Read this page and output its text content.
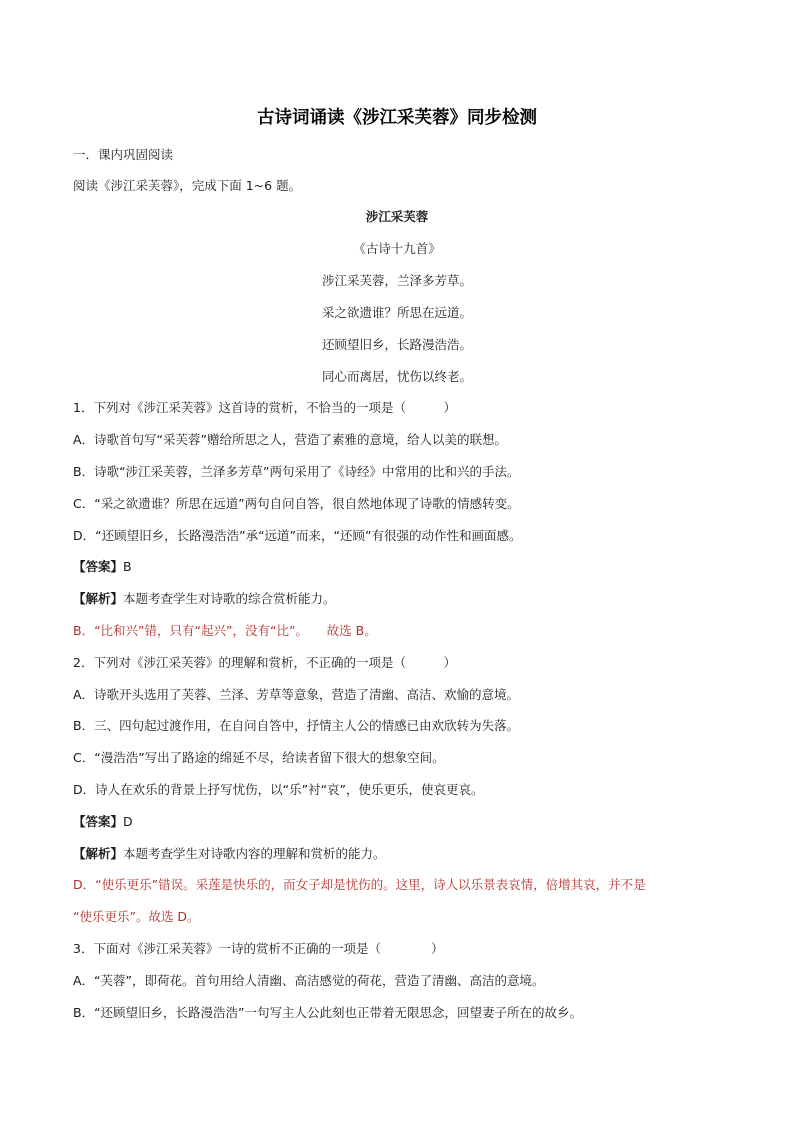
古诗词诵读《涉江采芙蓉》同步检测
一．课内巩固阅读
阅读《涉江采芙蓉》，完成下面 1~6 题。
涉江采芙蓉
《古诗十九首》
涉江采芙蓉，兰泽多芳草。
采之欲遗谁？所思在远道。
还顾望旧乡，长路漫浩浩。
同心而离居，忧伤以终老。
1．下列对《涉江采芙蓉》这首诗的赏析，不恰当的一项是（　　　）
A．诗歌首句写“采芙蓉”赠给所思之人，营造了素雅的意境，给人以美的联想。
B．诗歌“涉江采芙蓉，兰泽多芳草”两句采用了《诗经》中常用的比和兴的手法。
C．“采之欲遗谁？所思在远道”两句自问自答，很自然地体现了诗歌的情感转变。
D．“还顾望旧乡，长路漫浩浩”承“远道”而来，“还顾”有很强的动作性和画面感。
【答案】B
【解析】本题考查学生对诗歌的综合赏析能力。
B．“比和兴”错，只有“起兴”，没有“比”。　　故选 B。
2．下列对《涉江采芙蓉》的理解和赏析，不正确的一项是（　　　）
A．诗歌开头选用了芙蓉、兰泽、芳草等意象，营造了清幽、高洁、欢愉的意境。
B．三、四句起过渡作用，在自问自答中，抒情主人公的情感已由欢欣转为失落。
C．“漫浩浩”写出了路途的绵延不尽，给读者留下很大的想象空间。
D．诗人在欢乐的背景上抒写忧伤，以“乐”衬“哀”，使乐更乐，使哀更哀。
【答案】D
【解析】本题考查学生对诗歌内容的理解和赏析的能力。
D．“使乐更乐”错误。采莲是快乐的，而女子却是忧伤的。这里，诗人以乐景表哀情，倍增其哀，并不是
“使乐更乐”。故选 D。
3．下面对《涉江采芙蓉》一诗的赏析不正确的一项是（　　　　）
A．“芙蓉”，即荷花。首句用给人清幽、高洁感觉的荷花，营造了清幽、高洁的意境。
B．“还顾望旧乡，长路漫浩浩”一句写主人公此刻也正带着无限思念，回望妻子所在的故乡。
